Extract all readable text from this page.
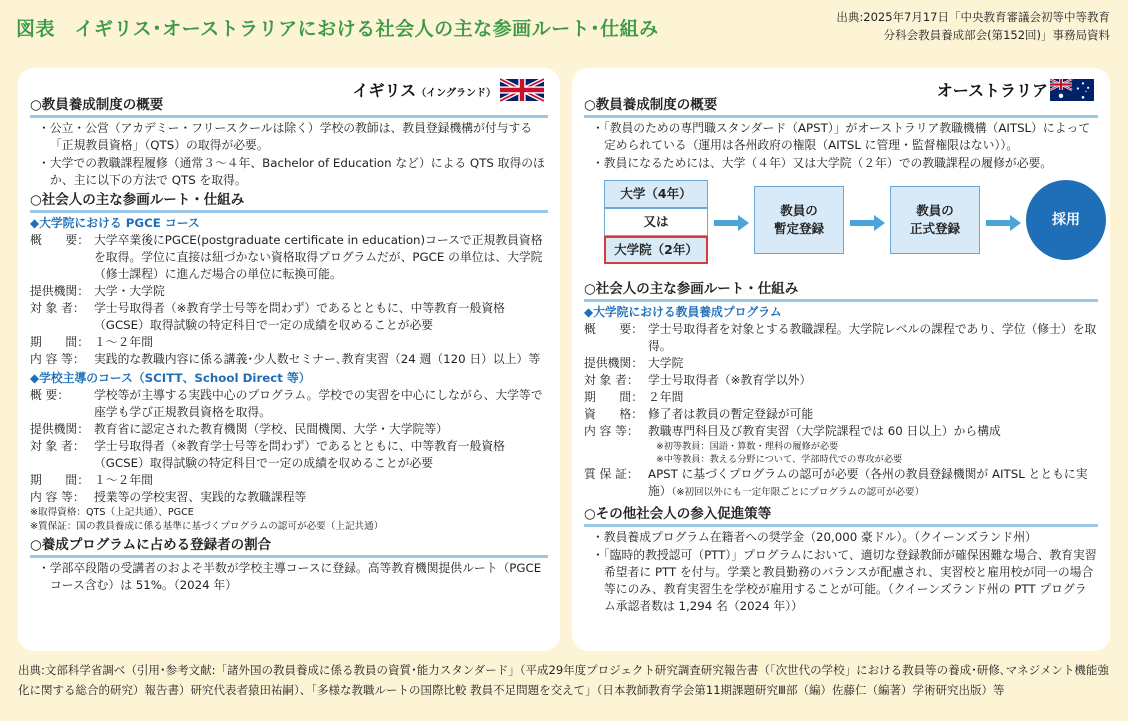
図表　イギリス･オーストラリアにおける社会人の主な参画ルート･仕組み
出典:2025年7月17日「中央教育審議会初等中等教育
分科会教員養成部会(第152回)」事務局資料
イギリス（イングランド）
○教員養成制度の概要
・公立・公営（アカデミー・フリースクールは除く）学校の教師は、教員登録機構が付与する「正規教員資格」（QTS）の取得が必要。
・大学での教職課程履修（通常３～４年、Bachelor of Education など）による QTS 取得のほか、主に以下の方法で QTS を取得。
○社会人の主な参画ルート・仕組み
◆大学院における PGCE コース
概　　要： 大学卒業後にPGCE(postgraduate certificate in education)コースで正規教員資格を取得。学位に直接は紐づかない資格取得プログラムだが、PGCE の単位は、大学院（修士課程）に進んだ場合の単位に転換可能。
提供機関： 大学・大学院
対 象 者： 学士号取得者（※教育学士号等を問わず）であるとともに、中等教育一般資格（GCSE）取得試験の特定科目で一定の成績を収めることが必要
期　　間： １～２年間
内 容 等： 実践的な教職内容に係る講義･少人数セミナー､教育実習（24 週（120 日）以上）等
◆学校主導のコース（SCITT、School Direct 等）
概 要：	学校等が主導する実践中心のプログラム。学校での実習を中心にしながら、大学等で座学も学び正規教員資格を取得。
提供機関： 教育省に認定された教育機関（学校、民間機関、大学・大学院等）
対 象 者： 学士号取得者（※教育学士号等を問わず）であるとともに、中等教育一般資格（GCSE）取得試験の特定科目で一定の成績を収めることが必要
期　　間： １～２年間
内 容 等： 授業等の学校実習、実践的な教職課程等
※取得資格：QTS（上記共通）、PGCE
※質保証：国の教員養成に係る基準に基づくプログラムの認可が必要（上記共通）
○養成プログラムに占める登録者の割合
・学部卒段階の受講者のおよそ半数が学校主導コースに登録。高等教育機関提供ルート（PGCE コース含む）は 51%。（2024 年）
オーストラリア
○教員養成制度の概要
・「教員のための専門職スタンダード（APST）」がオーストラリア教職機構（AITSL）によって定められている（運用は各州政府の権限（AITSL に管理・監督権限はない））。
・教員になるためには、大学（４年）又は大学院（２年）での教職課程の履修が必要。
大学（4年）
又は
大学院（2年）
教員の
暫定登録
教員の
正式登録
採用
○社会人の主な参画ルート・仕組み
◆大学院における教員養成プログラム
概　　要： 学士号取得者を対象とする教職課程。大学院レベルの課程であり、学位（修士）を取得。
提供機関： 大学院
対 象 者： 学士号取得者（※教育学以外）
期　　間： ２年間
資　　格： 修了者は教員の暫定登録が可能
内 容 等： 教職専門科目及び教育実習（大学院課程では 60 日以上）から構成
※初等教員：国語・算数・理科の履修が必要
※中等教員：教える分野について、学部時代での専攻が必要
質 保 証： APST に基づくプログラムの認可が必要（各州の教員登録機関が AITSL とともに実施）（※初回以外にも一定年限ごとにプログラムの認可が必要）
○その他社会人の参入促進策等
・教員養成プログラム在籍者への奨学金（20,000 豪ドル）。（クイーンズランド州）
・「臨時的教授認可（PTT）」プログラムにおいて、適切な登録教師が確保困難な場合、教育実習希望者に PTT を付与。学業と教員勤務のバランスが配慮され、実習校と雇用校が同一の場合等にのみ、教育実習生を学校が雇用することが可能。（クイーンズランド州の PTT プログラム承認者数は 1,294 名（2024 年））
出典:文部科学省調べ（引用･参考文献:「諸外国の教員養成に係る教員の資質･能力スタンダード」（平成29年度プロジェクト研究調査研究報告書（「次世代の学校」における教員等の養成･研修､マネジメント機能強化に関する総合的研究）報告書）研究代表者猿田祐嗣）、「多様な教職ルートの国際比較 教員不足問題を交えて」（日本教師教育学会第11期課題研究Ⅲ部（編）佐藤仁（編著）学術研究出版）等
